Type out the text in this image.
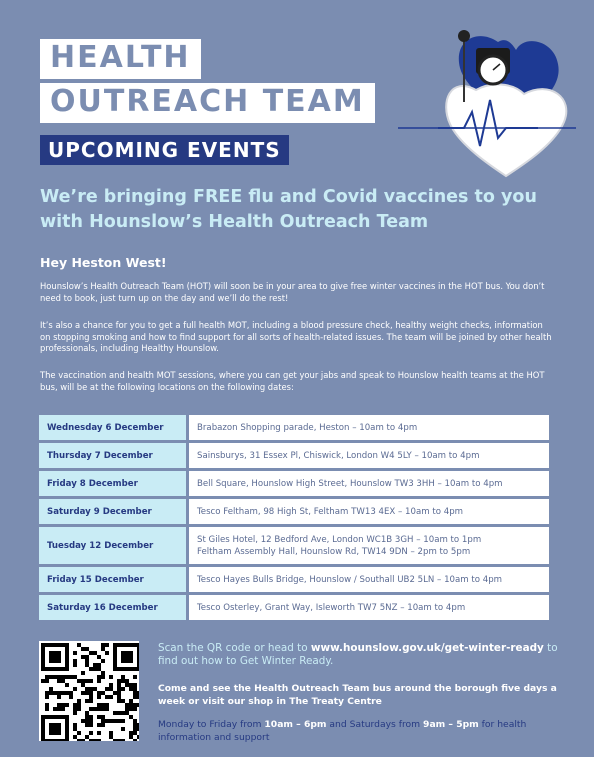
HEALTH
OUTREACH TEAM
UPCOMING EVENTS
We’re bringing FREE flu and Covid vaccines to you with Hounslow’s Health Outreach Team
Hey Heston West!
Hounslow’s Health Outreach Team (HOT) will soon be in your area to give free winter vaccines in the HOT bus. You don’t need to book, just turn up on the day and we’ll do the rest!
It’s also a chance for you to get a full health MOT, including a blood pressure check, healthy weight checks, information on stopping smoking and how to find support for all sorts of health-related issues. The team will be joined by other health professionals, including Healthy Hounslow.
The vaccination and health MOT sessions, where you can get your jabs and speak to Hounslow health teams at the HOT bus, will be at the following locations on the following dates:
Wednesday 6 December	Brabazon Shopping parade, Heston – 10am to 4pm
Thursday 7 December	Sainsburys, 31 Essex Pl, Chiswick, London W4 5LY – 10am to 4pm
Friday 8 December	Bell Square, Hounslow High Street, Hounslow TW3 3HH – 10am to 4pm
Saturday 9 December	Tesco Feltham, 98 High St, Feltham TW13 4EX – 10am to 4pm
Tuesday 12 December	St Giles Hotel, 12 Bedford Ave, London WC1B 3GH – 10am to 1pm
Feltham Assembly Hall, Hounslow Rd, TW14 9DN – 2pm to 5pm

Friday 15 December	Tesco Hayes Bulls Bridge, Hounslow / Southall UB2 5LN – 10am to 4pm
Saturday 16 December	Tesco Osterley, Grant Way, Isleworth TW7 5NZ – 10am to 4pm
Scan the QR code or head to www.hounslow.gov.uk/get-winter-ready to find out how to Get Winter Ready.
Come and see the Health Outreach Team bus around the borough five days a week or visit our shop in The Treaty Centre
Monday to Friday from 10am – 6pm and Saturdays from 9am – 5pm for health information and support
